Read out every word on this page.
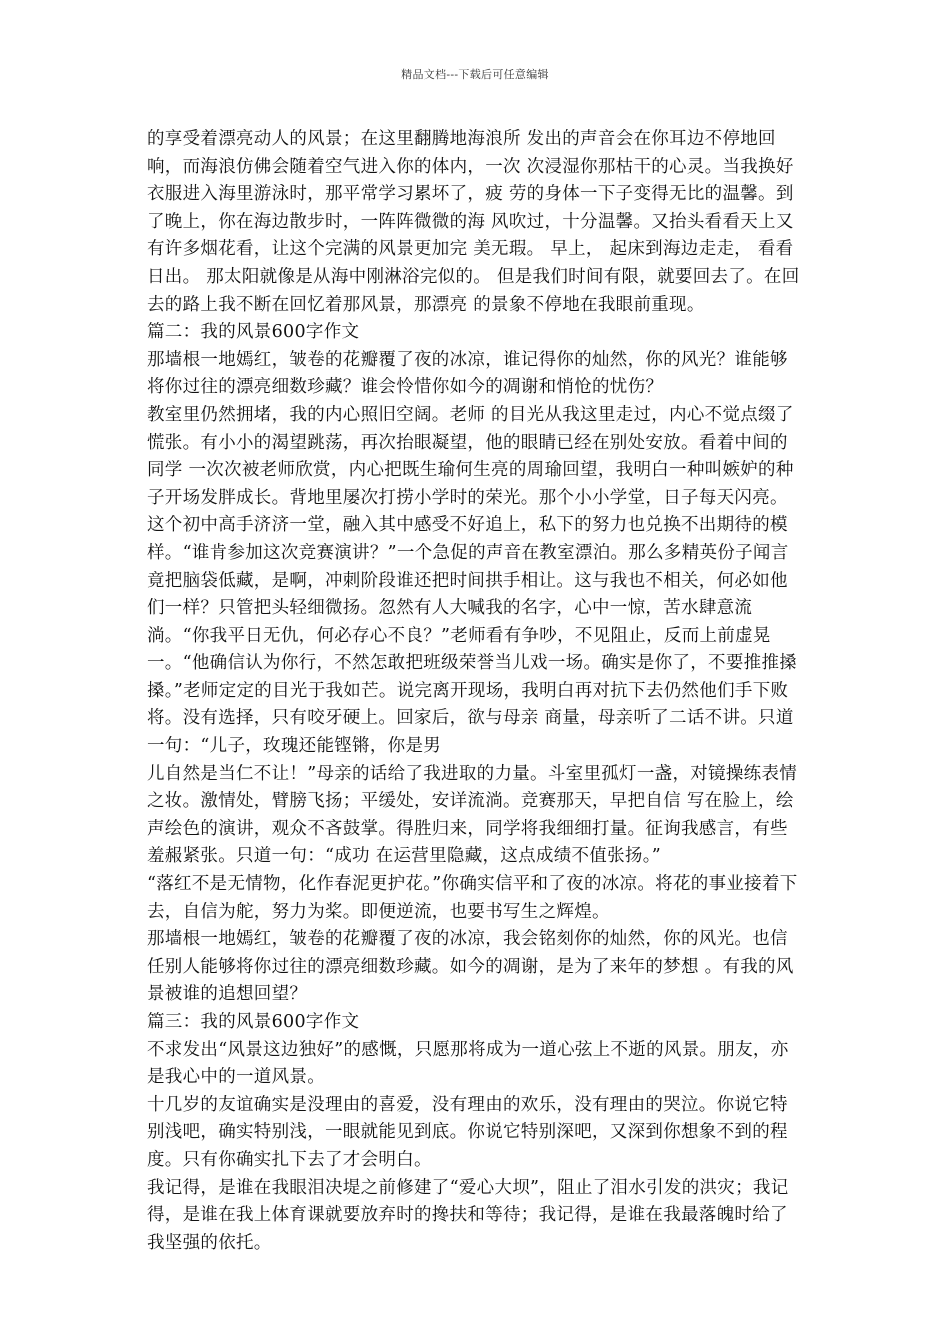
精品文档---下载后可任意编辑

的享受着漂亮动人的风景；在这里翻腾地海浪所 发出的声音会在你耳边不停地回响，而海浪仿佛会随着空气进入你的体内，一次 次浸湿你那枯干的心灵。当我换好衣服进入海里游泳时，那平常学习累坏了，疲 劳的身体一下子变得无比的温馨。到了晚上，你在海边散步时，一阵阵微微的海 风吹过，十分温馨。又抬头看看天上又有许多烟花看，让这个完满的风景更加完 美无瑕。 早上， 起床到海边走走， 看看日出。 那太阳就像是从海中刚淋浴完似的。 但是我们时间有限，就要回去了。在回去的路上我不断在回忆着那风景，那漂亮 的景象不停地在我眼前重现。

篇二：我的风景600字作文

那墙根一地嫣红，皱卷的花瓣覆了夜的冰凉，谁记得你的灿然，你的风光？谁能够将你过往的漂亮细数珍藏？谁会怜惜你如今的凋谢和悄怆的忧伤？

教室里仍然拥堵，我的内心照旧空阔。老师 的目光从我这里走过，内心不觉点缀了慌张。有小小的渴望跳荡，再次抬眼凝望，他的眼睛已经在别处安放。看着中间的同学 一次次被老师欣赏，内心把既生瑜何生亮的周瑜回望，我明白一种叫嫉妒的种子开场发胖成长。背地里屡次打捞小学时的荣光。那个小小学堂，日子每天闪亮。这个初中高手济济一堂，融入其中感受不好追上，私下的努力也兑换不出期待的模样。“谁肯参加这次竞赛演讲？”一个急促的声音在教室漂泊。那么多精英份子闻言竟把脑袋低藏，是啊，冲刺阶段谁还把时间拱手相让。这与我也不相关，何必如他们一样？只管把头轻细微扬。忽然有人大喊我的名字，心中一惊，苦水肆意流淌。“你我平日无仇，何必存心不良？”老师看有争吵，不见阻止，反而上前虚晃一。“他确信认为你行，不然怎敢把班级荣誉当儿戏一场。确实是你了，不要推推搡搡。”老师定定的目光于我如芒。说完离开现场，我明白再对抗下去仍然他们手下败将。没有选择，只有咬牙硬上。回家后，欲与母亲 商量，母亲听了二话不讲。只道一句：“儿子，玫瑰还能铿锵，你是男

儿自然是当仁不让！”母亲的话给了我进取的力量。斗室里孤灯一盏，对镜操练表情之妆。激情处，臂膀飞扬；平缓处，安详流淌。竞赛那天，早把自信 写在脸上，绘声绘色的演讲，观众不吝鼓掌。得胜归来，同学将我细细打量。征询我感言，有些羞赧紧张。只道一句：“成功 在运营里隐藏，这点成绩不值张扬。”

“落红不是无情物，化作春泥更护花。”你确实信平和了夜的冰凉。将花的事业接着下去，自信为舵，努力为桨。即便逆流，也要书写生之辉煌。

那墙根一地嫣红，皱卷的花瓣覆了夜的冰凉，我会铭刻你的灿然，你的风光。也信任别人能够将你过往的漂亮细数珍藏。如今的凋谢，是为了来年的梦想 。有我的风景被谁的追想回望？

篇三：我的风景600字作文

不求发出“风景这边独好”的感慨，只愿那将成为一道心弦上不逝的风景。朋友，亦是我心中的一道风景。

十几岁的友谊确实是没理由的喜爱，没有理由的欢乐，没有理由的哭泣。你说它特别浅吧，确实特别浅，一眼就能见到底。你说它特别深吧，又深到你想象不到的程度。只有你确实扎下去了才会明白。

我记得，是谁在我眼泪决堤之前修建了“爱心大坝”，阻止了泪水引发的洪灾；我记得，是谁在我上体育课就要放弃时的搀扶和等待；我记得，是谁在我最落魄时给了我坚强的依托。
